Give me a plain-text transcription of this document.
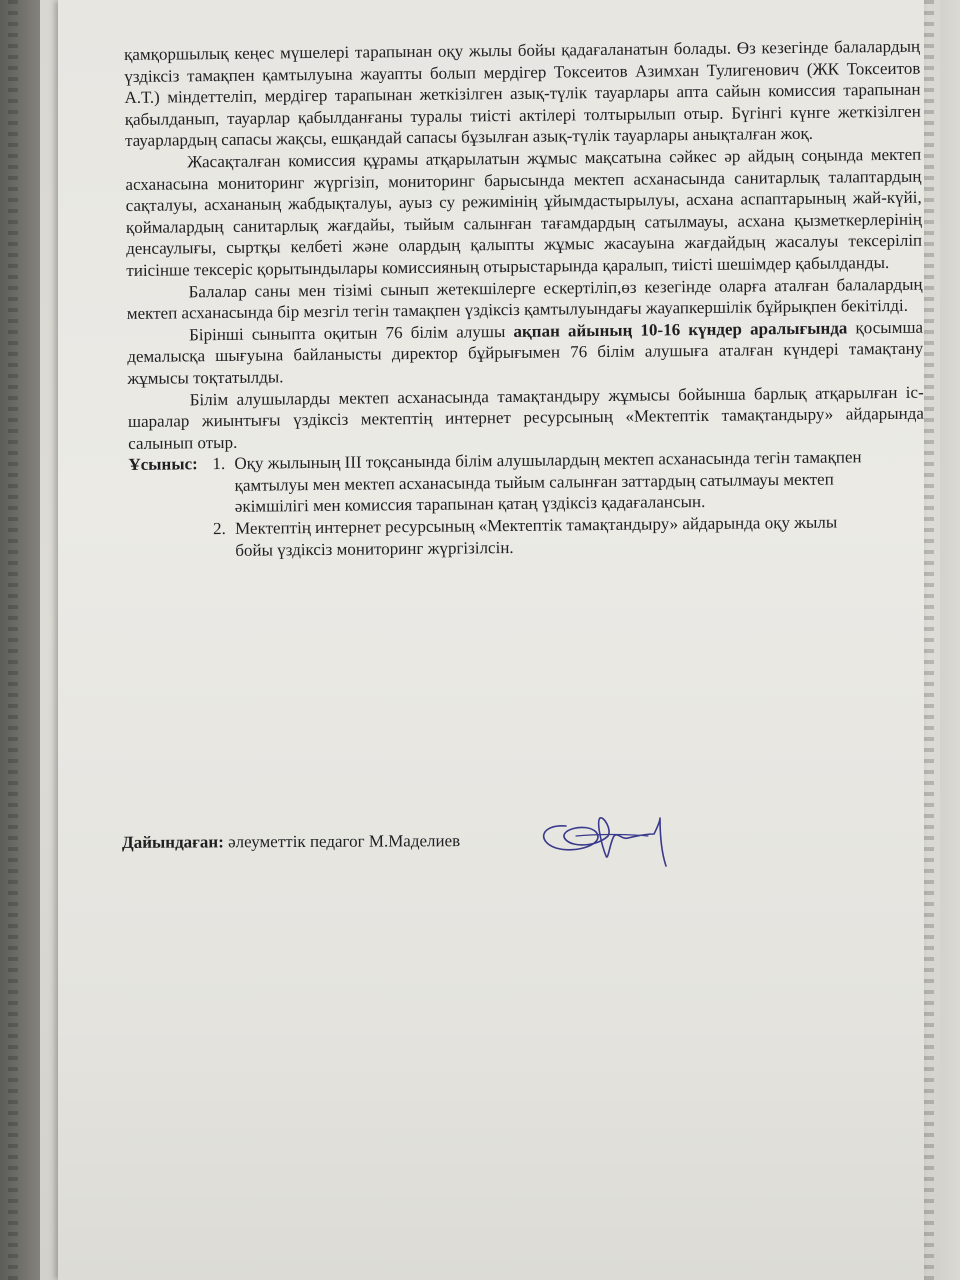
қамқоршылық кеңес мүшелері тарапынан оқу жылы бойы қадағаланатын болады. Өз кезегінде балалардың үздіксіз тамақпен қамтылуына жауапты болып мердігер Токсеитов Азимхан Тулигенович (ЖК Токсеитов А.Т.) міндеттеліп, мердігер тарапынан жеткізілген азық-түлік тауарлары апта сайын комиссия тарапынан қабылданып, тауарлар қабылданғаны туралы тиісті актілері толтырылып отыр. Бүгінгі күнге жеткізілген тауарлардың сапасы жақсы, ешқандай сапасы бұзылған азық-түлік тауарлары анықталған жоқ.

Жасақталған комиссия құрамы атқарылатын жұмыс мақсатына сәйкес әр айдың соңында мектеп асханасына мониторинг жүргізіп, мониторинг барысында мектеп асханасында санитарлық талаптардың сақталуы, асхананың жабдықталуы, ауыз су режимінің ұйымдастырылуы, асхана аспаптарының жай-күйі, қоймалардың санитарлық жағдайы, тыйым салынған тағамдардың сатылмауы, асхана қызметкерлерінің денсаулығы, сыртқы келбеті және олардың қалыпты жұмыс жасауына жағдайдың жасалуы тексеріліп тиісінше тексеріс қорытындылары комиссияның отырыстарында қаралып, тиісті шешімдер қабылданды.

Балалар саны мен тізімі сынып жетекшілерге ескертіліп,өз кезегінде оларға аталған балалардың мектеп асханасында бір мезгіл тегін тамақпен үздіксіз қамтылуындағы жауапкершілік бұйрықпен бекітілді.

Бірінші сыныпта оқитын 76 білім алушы ақпан айының 10-16 күндер аралығында қосымша демалысқа шығуына байланысты директор бұйрығымен 76 білім алушыға аталған күндері тамақтану жұмысы тоқтатылды.

Білім алушыларды мектеп асханасында тамақтандыру жұмысы бойынша барлық атқарылған іс-шаралар жиынтығы үздіксіз мектептің интернет ресурсының «Мектептік тамақтандыру» айдарында салынып отыр.

Ұсыныс: 1. Оқу жылының ІІІ тоқсанында білім алушылардың мектеп асханасында тегін тамақпен қамтылуы мен мектеп асханасында тыйым салынған заттардың сатылмауы мектеп әкімшілігі мен комиссия тарапынан қатаң үздіксіз қадағалансын.
2. Мектептің интернет ресурсының «Мектептік тамақтандыру» айдарында оқу жылы бойы үздіксіз мониторинг жүргізілсін.
Дайындаған: әлеуметтік педагог М.Маделиев
